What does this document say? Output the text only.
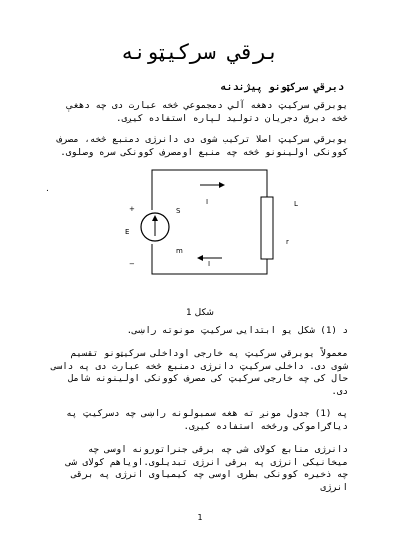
برقي سرکيټونه
دبرقي سرکټونو پيژندنه
يوبرقي سرکيټ دهغه آلي دمجموعي څخه عبارت دی چه دهغې څخه دبرق دجريان دتوليد لپاره استفاده کيږی.
يوبرقي سرکيټ اصلا ترکيب شوی دی دانرژی دمنبع څخه، مصرف کوونکی اولينونو څخه چه منبع اومصرف کوونکی سره وصلوی.
.
+	S
E
−
m
I
I
L
r
1 شکل
د (1) شکل يو ابتدايی سرکيټ مونوته راښی.
معمولاً يوبرقي سرکيټ په خارجی اوداخلی سرکيټونو تقسيم شوی دی. داخلی سرکيټ دانرژی دمنبع څخه عبارت دی په داسی حال کی چه خارجی سرکيټ کی مصرف کوونکی اولينونه شامل دی.
په (1) جدول مونږ ته هغه سمبولونه راښی چه دسرکيټ په دياګراموکی ورڅخه استفاده کيږی.
دانرژی منابع کولای شی چه برقی جنراتورونه اوسی چه ميخانيکی انرژی په برقی انرژی تبديلوی.اوياهم کولای شی چه ذخيره کوونکی بطری اوسی چه کيمياوی انرژی په برقی انرژی
1
